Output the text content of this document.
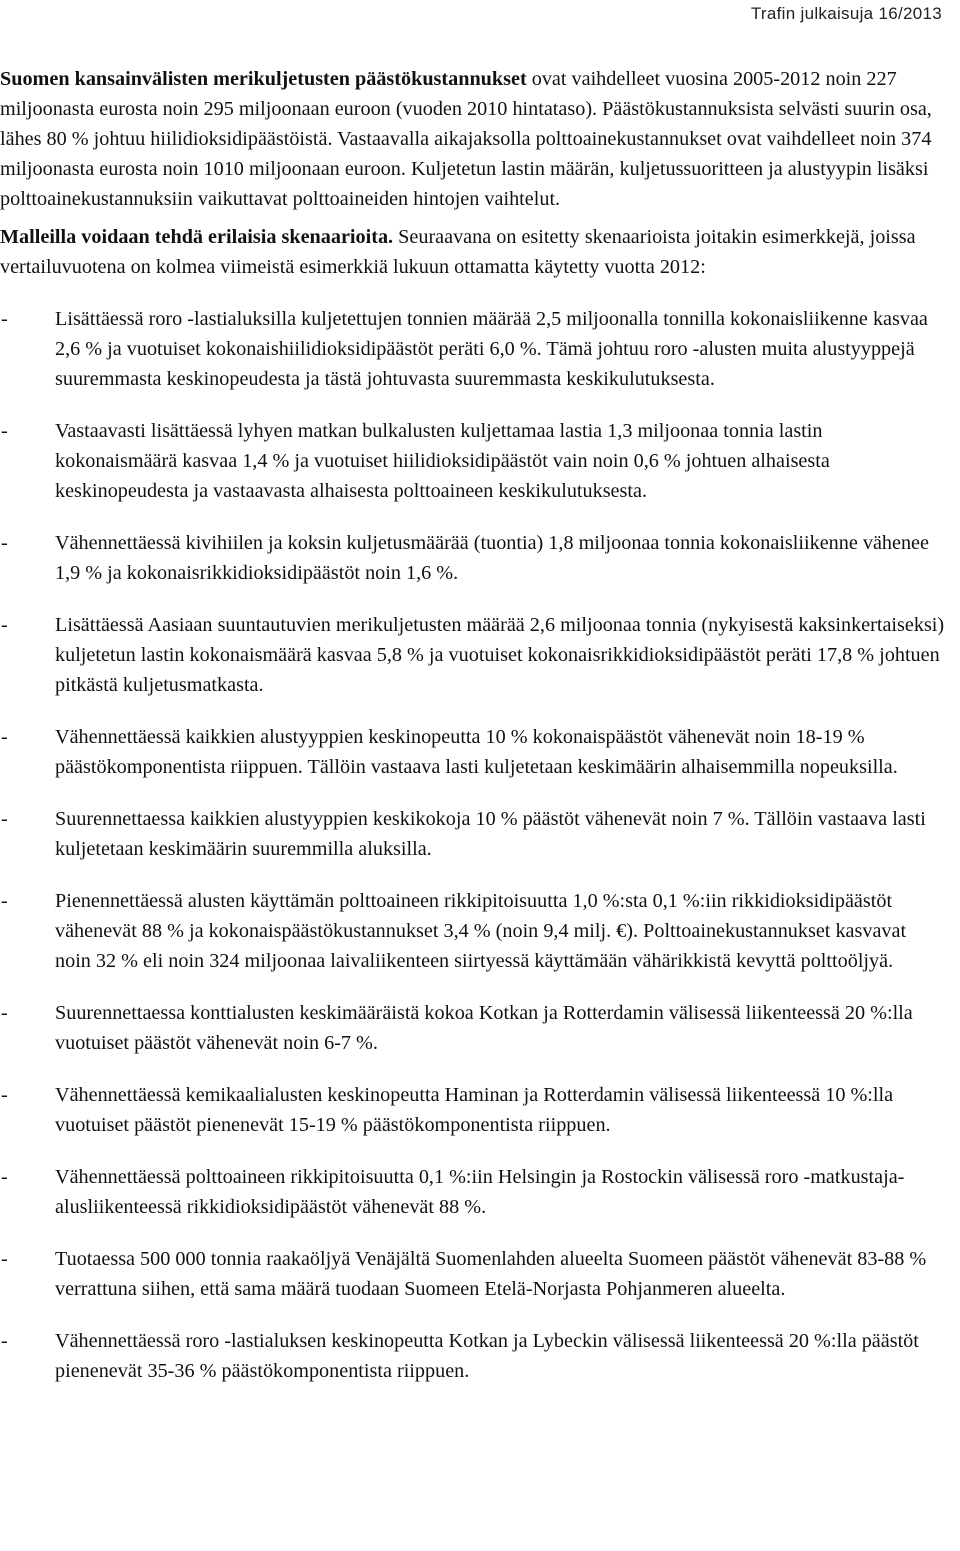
Trafin julkaisuja 16/2013

Suomen kansainvälisten merikuljetusten päästökustannukset ovat vaihdelleet vuosina 2005-2012 noin 227 miljoonasta eurosta noin 295 miljoonaan euroon (vuoden 2010 hintataso). Päästökustannuksista selvästi suurin osa, lähes 80 % johtuu hiilidioksidipäästöistä. Vastaavalla aikajaksolla polttoainekustannukset ovat vaihdelleet noin 374 miljoonasta eurosta noin 1010 miljoonaan euroon. Kuljetetun lastin määrän, kuljetussuoritteen ja alustyypin lisäksi polttoainekustannuksiin vaikuttavat polttoaineiden hintojen vaihtelut.

Malleilla voidaan tehdä erilaisia skenaarioita. Seuraavana on esitetty skenaarioista joitakin esimerkkejä, joissa vertailuvuotena on kolmea viimeistä esimerkkiä lukuun ottamatta käytetty vuotta 2012:

- Lisättäessä roro -lastialuksilla kuljetettujen tonnien määrää 2,5 miljoonalla tonnilla kokonaisliikenne kasvaa 2,6 % ja vuotuiset kokonaishiilidioksidipäästöt peräti 6,0 %. Tämä johtuu roro -alusten muita alustyyppejä suuremmasta keskinopeudesta ja tästä johtuvasta suuremmasta keskikulutuksesta.
- Vastaavasti lisättäessä lyhyen matkan bulkalusten kuljettamaa lastia 1,3 miljoonaa tonnia lastin kokonaismäärä kasvaa 1,4 % ja vuotuiset hiilidioksidipäästöt vain noin 0,6 % johtuen alhaisesta keskinopeudesta ja vastaavasta alhaisesta polttoaineen keskikulutuksesta.
- Vähennettäessä kivihiilen ja koksin kuljetusmäärää (tuontia) 1,8 miljoonaa tonnia kokonaisliikenne vähenee 1,9 % ja kokonaisrikkidioksidipäästöt noin 1,6 %.
- Lisättäessä Aasiaan suuntautuvien merikuljetusten määrää 2,6 miljoonaa tonnia (nykyisestä kaksinkertaiseksi) kuljetetun lastin kokonaismäärä kasvaa 5,8 % ja vuotuiset kokonaisrikkidioksidipäästöt peräti 17,8 % johtuen pitkästä kuljetusmatkasta.
- Vähennettäessä kaikkien alustyyppien keskinopeutta 10 % kokonaispäästöt vähenevät noin 18-19 % päästökomponentista riippuen. Tällöin vastaava lasti kuljetetaan keskimäärin alhaisemmilla nopeuksilla.
- Suurennettaessa kaikkien alustyyppien keskikokoja 10 % päästöt vähenevät noin 7 %. Tällöin vastaava lasti kuljetetaan keskimäärin suuremmilla aluksilla.
- Pienennettäessä alusten käyttämän polttoaineen rikkipitoisuutta 1,0 %:sta 0,1 %:iin rikkidioksidipäästöt vähenevät 88 % ja kokonaispäästökustannukset 3,4 % (noin 9,4 milj. €). Polttoainekustannukset kasvavat noin 32 % eli noin 324 miljoonaa laivaliikenteen siirtyessä käyttämään vähärikkistä kevyttä polttoöljyä.
- Suurennettaessa konttialusten keskimääräistä kokoa Kotkan ja Rotterdamin välisessä liikenteessä 20 %:lla vuotuiset päästöt vähenevät noin 6-7 %.
- Vähennettäessä kemikaalialusten keskinopeutta Haminan ja Rotterdamin välisessä liikenteessä 10 %:lla vuotuiset päästöt pienenevät 15-19 % päästökomponentista riippuen.
- Vähennettäessä polttoaineen rikkipitoisuutta 0,1 %:iin Helsingin ja Rostockin välisessä roro -matkustaja-alusliikenteessä rikkidioksidipäästöt vähenevät 88 %.
- Tuotaessa 500 000 tonnia raakaöljyä Venäjältä Suomenlahden alueelta Suomeen päästöt vähenevät 83-88 % verrattuna siihen, että sama määrä tuodaan Suomeen Etelä-Norjasta Pohjanmeren alueelta.
- Vähennettäessä roro -lastialuksen keskinopeutta Kotkan ja Lybeckin välisessä liikenteessä 20 %:lla päästöt pienenevät 35-36 % päästökomponentista riippuen.
